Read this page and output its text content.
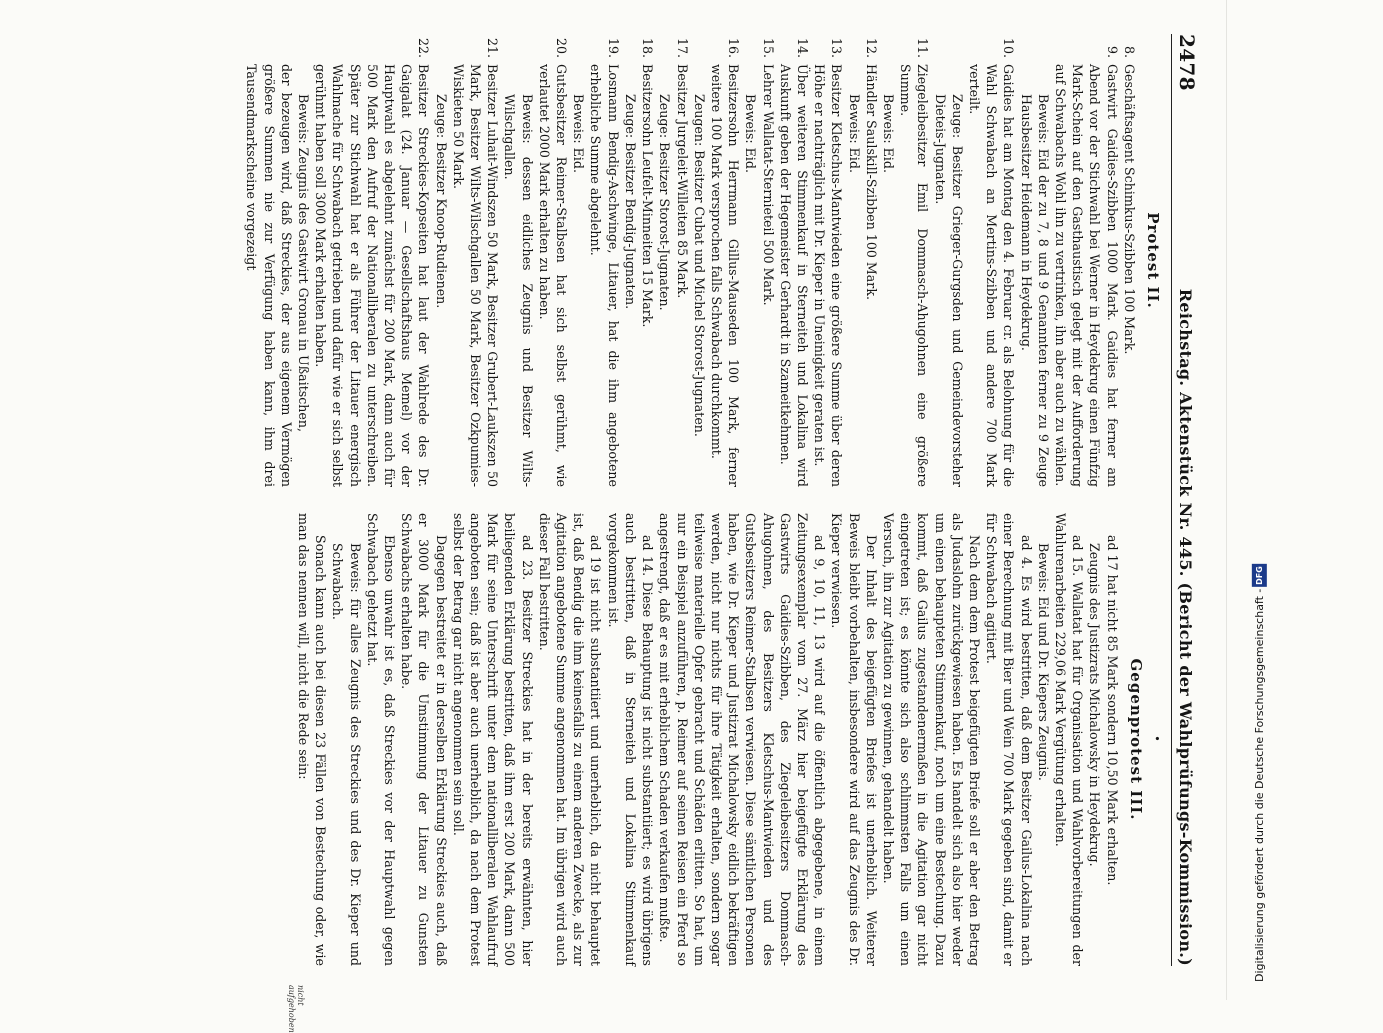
2478
Reichstag. Aktenstück Nr. 445. (Bericht der Wahlprüfungs-Kommission.)
Protest II.
8.
Geschäftsagent Schimkus-Szibben 100 Mark.
9.
Gastwirt Gaidies-Szibben 1000 Mark. Gaidies hat ferner am Abend vor der Stichwahl bei Werner in Heydekrug einen Fünfzig Mark-Schein auf den Gasthaustisch gelegt mit der Aufforderung auf Schwabachs Wohl ihn zu vertrinken, ihn aber auch zu wählen.
Beweis: Eid der zu 7, 8 und 9 Genannten ferner zu 9 Zeuge Hausbesitzer Heidemann in Heydekrug.
10.
Gaidies hat am Montag den 4. Februar cr. als Belohnung für die Wahl Schwabach an Mertins-Szibben und andere 700 Mark verteilt.
Zeuge: Besitzer Grieger-Gurgsden und Gemeindevorsteher Dieteis-Jugnaten.
11.
Ziegeleibesitzer Emil Dommasch-Ahugohnen eine größere Summe.
Beweis: Eid.
12.
Händler Saulskill-Szibben 100 Mark.
Beweis: Eid.
13.
Besitzer Kletschus-Mantwieden eine größere Summe über deren Höhe er nachträglich mit Dr. Kieper in Uneinigkeit geraten ist.
14.
Über weiteren Stimmenkauf in Sterneiteh und Lokalina wird Auskunft geben der Hegemeister Gerhardt in Szameitkehmen.
15.
Lehrer Wallatat-Sternieteil 500 Mark.
Beweis: Eid.
16.
Besitzersohn Herrmann Gillus-Mauseden 100 Mark, ferner weitere 100 Mark versprochen falls Schwabach durchkommt.
Zeugen: Besitzer Cubat und Michel Storost-Jugnaten.
17.
Besitzer Jurgeleit-Willeiten 85 Mark.
Zeuge: Besitzer Storost-Jugnaten.
18.
Besitzersohn Leufelt-Minneiten 15 Mark.
Zeuge: Besitzer Bendig-Jugnaten.
19.
Losmann Bendig-Aschwinge, Litauer, hat die ihm angebotene erhebliche Summe abgelehnt.
Beweis: Eid.
20.
Gutsbesitzer Reimer-Stalbsen hat sich selbst gerühmt, wie verlautet 2000 Mark erhalten zu haben.
Beweis: dessen eidliches Zeugnis und Besitzer Wilts-Wilschgallen.
21.
Besitzer Luhait-Windszen 50 Mark, Besitzer Grubert-Laukszen 50 Mark, Besitzer Wilts-Wilschgallen 50 Mark, Besitzer Ozkpumies-Wiskieten 50 Mark.
Zeuge: Besitzer Knoop-Rudienen.
22.
Besitzer Streckies-Kopseiten hat laut der Wahlrede des Dr. Gaigalat (24. Januar — Gesellschaftshaus Memel) vor der Hauptwahl es abgelehnt zunächst für 200 Mark, dann auch für 500 Mark den Aufruf der Nationalliberalen zu unterschreiben. Später zur Stichwahl hat er als Führer der Litauer energisch Wahlmache für Schwabach getrieben und dafür wie er sich selbst gerühmt haben soll 3000 Mark erhalten haben.
Beweis: Zeugnis des Gastwirt Gronau in Ußaitschen,
der bezeugen wird, daß Streckies, der aus eigenem Vermögen größere Summen nie zur Verfügung haben kann, ihm drei Tausendmarkscheine vorgezeigt
•
Gegenprotest III.
ad 17 hat nicht 85 Mark sondern 10,50 Mark erhalten.
Zeugnis des Justizrats Michalowsky in Heydekrug.
ad 15. Wallatat hat für Organisation und Wahlvorbereitungen der Wahlurenarbeiten 229,06 Mark Vergütung erhalten.
Beweis: Eid und Dr. Kiepers Zeugnis.
ad 4. Es wird bestritten, daß dem Besitzer Gailus-Lokalina nach einer Berechnung mit Bier und Wein 700 Mark gegeben sind, damit er für Schwabach agitiert.
Nach dem dem Protest beigefügten Briefe soll er aber den Betrag als Judaslohn zurückgewiesen haben. Es handelt sich also hier weder um einen behaupteten Stimmenkauf, noch um eine Bestechung. Dazu kommt, daß Gailus zugestandenermaßen in die Agitation gar nicht eingetreten ist; es könnte sich also schlimmsten Falls um einen Versuch, ihn zur Agitation zu gewinnen, gehandelt haben.
Der Inhalt des beigefügten Briefes ist unerheblich. Weiterer Beweis bleibt vorbehalten, insbesondere wird auf das Zeugnis des Dr. Kieper verwiesen.
ad 9, 10, 11, 13 wird auf die öffentlich abgegebene, in einem Zeitungsexemplar vom 27. März hier beigefügte Erklärung des Gastwirts Gaidies-Szibben, des Ziegeleibesitzers Dommasch-Ahugohnen, des Besitzers Kletschus-Mantwieden und des Gutsbesitzers Reimer-Stalbsen verwiesen. Diese sämtlichen Personen haben, wie Dr. Kieper und Justizrat Michalowsky eidlich bekräftigen werden, nicht nur nichts für ihre Tätigkeit erhalten, sondern sogar teilweise materielle Opfer gebracht und Schäden erlitten. So hat, um nur ein Beispiel anzuführen, p. Reimer auf seinen Reisen ein Pferd so angestrengt, daß er es mit erheblichem Schaden verkaufen mußte.
ad 14. Diese Behauptung ist nicht substantiiert; es wird übrigens auch bestritten, daß in Sterneiteh und Lokalina Stimmenkauf vorgekommen ist.
ad 19 ist nicht substantiiert und unerheblich, da nicht behauptet ist, daß Bendig die ihm keinesfalls zu einem anderen Zwecke, als zur Agitation angebotene Summe angenommen hat. Im übrigen wird auch dieser Fall bestritten.
ad 23. Besitzer Streckies hat in der bereits erwähnten, hier beiliegenden Erklärung bestritten, daß ihm erst 200 Mark, dann 500 Mark für seine Unterschrift unter dem nationalliberalen Wahlaufruf angeboten sein; daß ist aber auch unerheblich, da nach dem Protest selbst der Betrag gar nicht angenommen sein soll.
Dagegen bestreitet er in derselben Erklärung Streckies auch, daß er 3000 Mark für die Umstimmung der Litauer zu Gunsten Schwabachs erhalten habe.
Ebenso unwahr ist es, daß Streckies vor der Hauptwahl gegen Schwabach gehetzt hat.
Beweis: für alles Zeugnis des Streckies und des Dr. Kieper und Schwabach.
Sonach kann auch bei diesen 23 Fällen von Bestechung oder, wie man das nennen will, nicht die Rede sein:
nicht aufgehoben
Digitalisierung gefördert durch die Deutsche Forschungsgemeinschaft -
DFG
